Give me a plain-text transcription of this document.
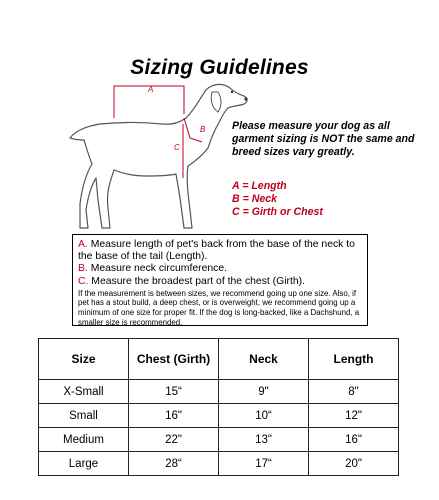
Sizing Guidelines
A
B
C
Please measure your dog as all garment sizing is NOT the same and breed sizes vary greatly.
A = Length
B = Neck
C = Girth or Chest
A. Measure length of pet's back from the base of the neck to the base of the tail (Length).
B. Measure neck circumference.
C. Measure the broadest part of the chest (Girth).
If the measurement is between sizes, we recommend going up one size. Also, if pet has a stout build, a deep chest, or is overweight, we recommend going up a minimum of one size for proper fit. If the dog is long-backed, like a Dachshund, a smaller size is recommended.
Size	Chest (Girth)	Neck	Length
X-Small	15“	9"	8"
Small	16"	10“	12"
Medium	22"	13"	16"
Large	28“	17“	20"
